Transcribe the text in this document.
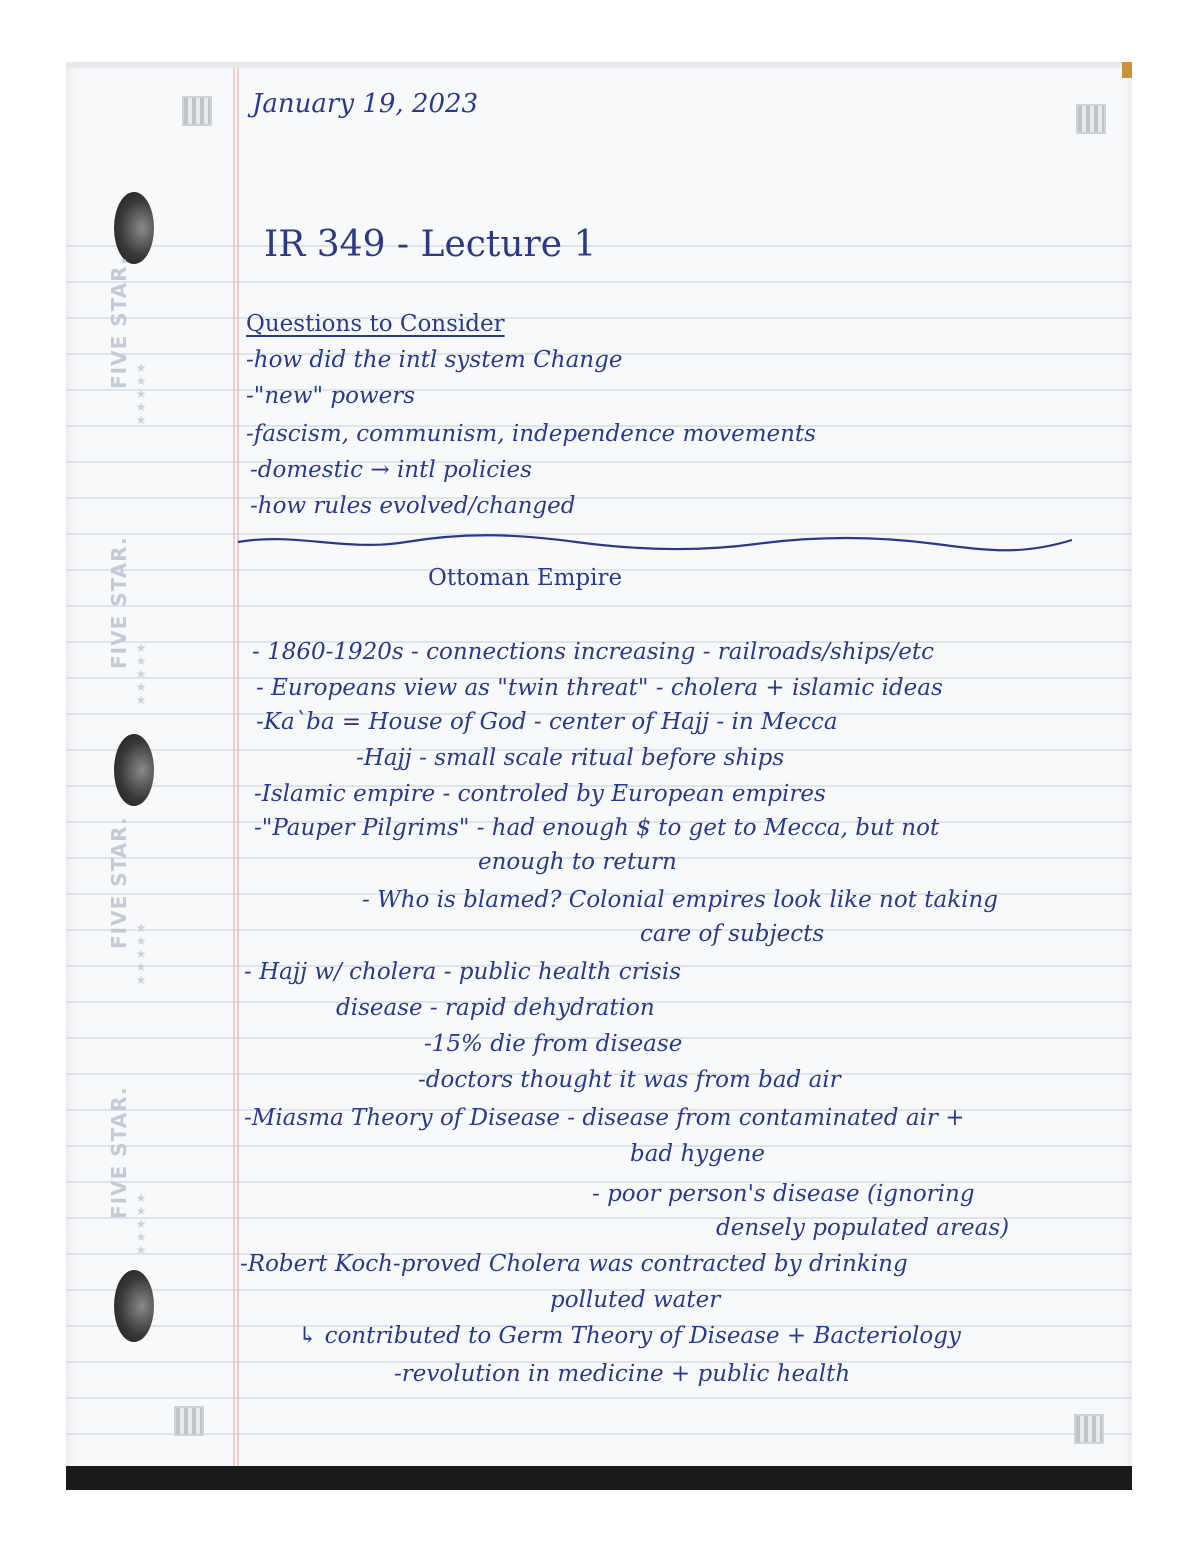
FIVE STAR.
FIVE STAR.
FIVE STAR.
FIVE STAR.
★
★
★
★
★
★
★
★
★
★
★
★
★
★
★
★
★
★
★
★
January 19, 2023
IR 349 - Lecture 1
Questions to Consider
-how did the intl system Change
-"new" powers
-fascism, communism, independence movements
-domestic → intl policies
-how rules evolved/changed
Ottoman Empire
- 1860-1920s - connections increasing - railroads/ships/etc
- Europeans view as "twin threat" - cholera + islamic ideas
-Ka`ba = House of God - center of Hajj - in Mecca
-Hajj - small scale ritual before ships
-Islamic empire - controled by European empires
-"Pauper Pilgrims" - had enough $ to get to Mecca, but not
enough to return
- Who is blamed? Colonial empires look like not taking
care of subjects
- Hajj w/ cholera - public health crisis
disease - rapid dehydration
-15% die from disease
-doctors thought it was from bad air
-Miasma Theory of Disease - disease from contaminated air +
bad hygene
- poor person's disease (ignoring
densely populated areas)
-Robert Koch-proved Cholera was contracted by drinking
polluted water
↳ contributed to Germ Theory of Disease + Bacteriology
-revolution in medicine + public health
